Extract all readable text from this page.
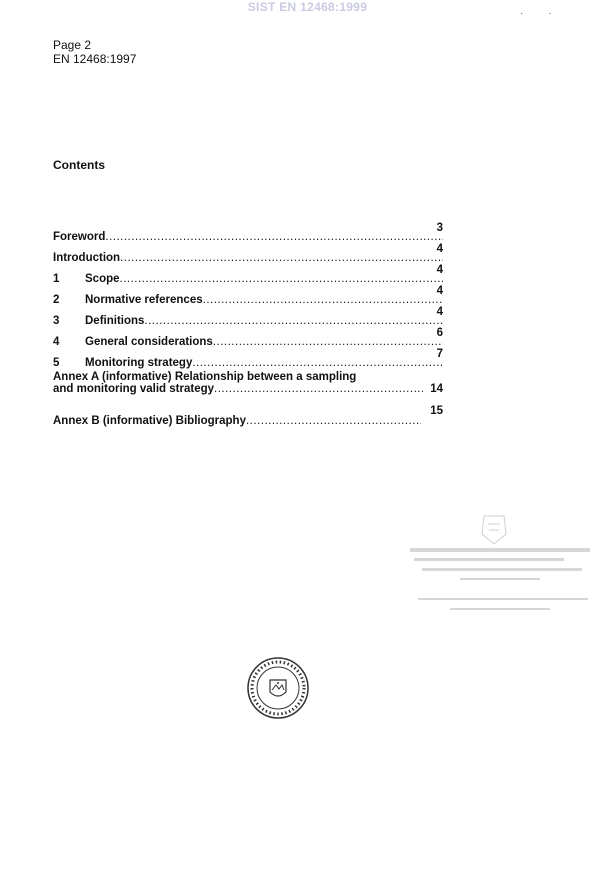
SIST EN 12468:1999	·         ·
Page 2
EN 12468:1997
Contents
Foreword
.....
3
Introduction
.....
4
1	Scope
.....
4
2	Normative references
.....
4
3	Definitions
.....
4
4	General considerations
.....
6
5	Monitoring strategy
.....
7
Annex A (informative) Relationship between a sampling
and monitoring valid strategy
.....	14
Annex B (informative) Bibliography
.....
15
